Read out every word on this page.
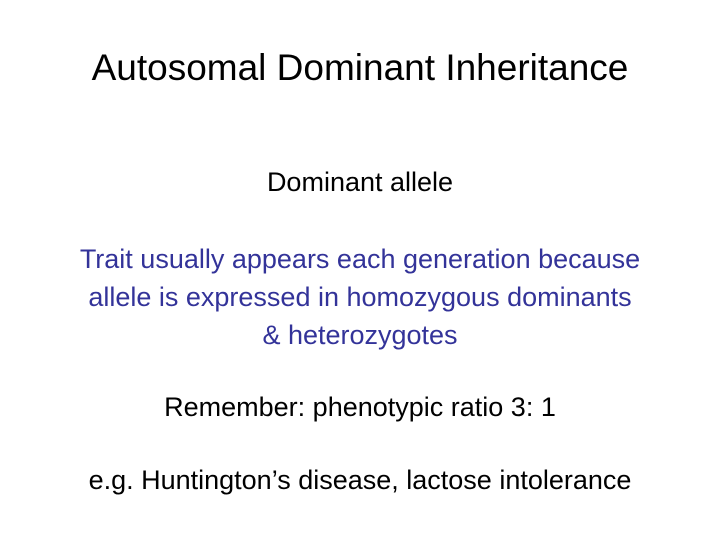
Autosomal Dominant Inheritance
Dominant allele
Trait usually appears each generation because
allele is expressed in homozygous dominants
& heterozygotes
Remember: phenotypic ratio 3: 1
e.g. Huntington’s disease, lactose intolerance
